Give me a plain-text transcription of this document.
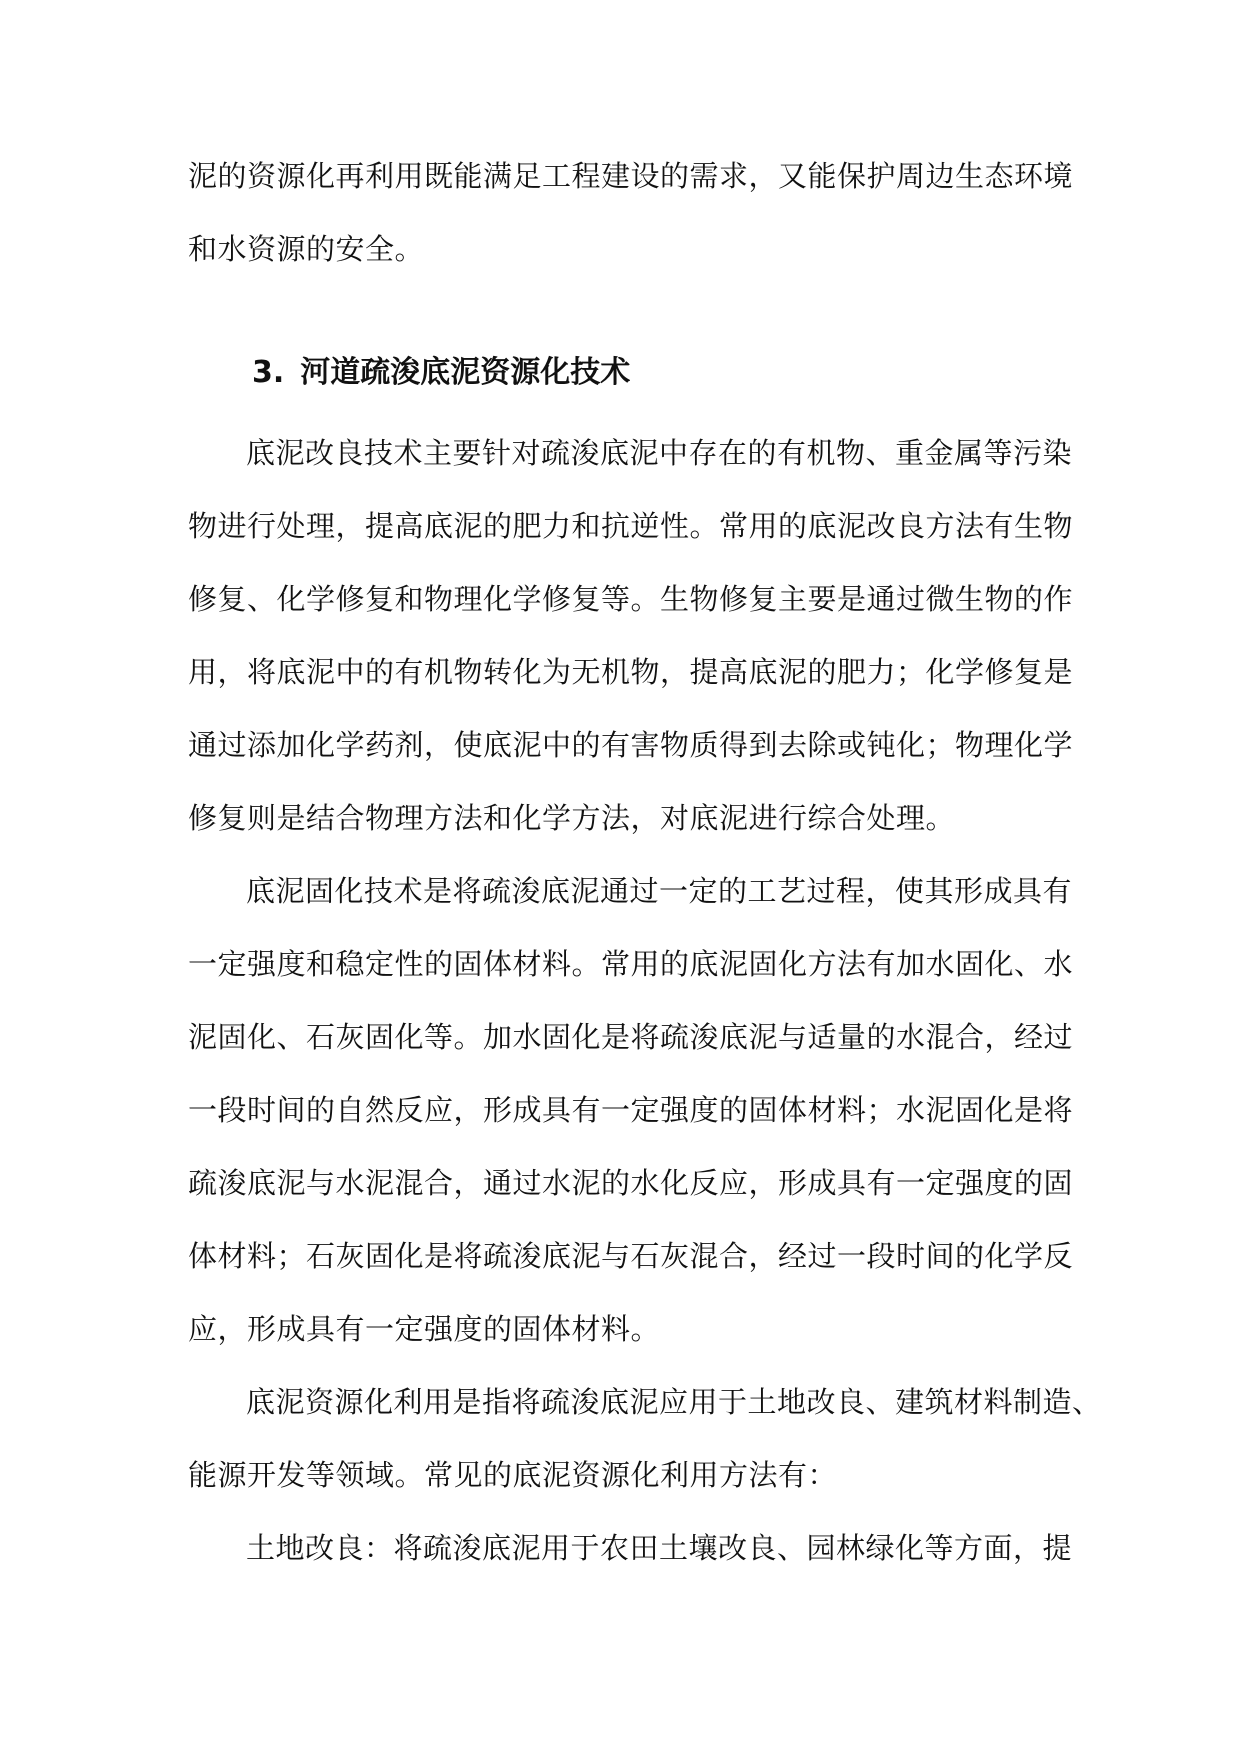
泥的资源化再利用既能满足工程建设的需求，又能保护周边生态环境
和水资源的安全。
3. 河道疏浚底泥资源化技术
底泥改良技术主要针对疏浚底泥中存在的有机物、重金属等污染
物进行处理，提高底泥的肥力和抗逆性。常用的底泥改良方法有生物
修复、化学修复和物理化学修复等。生物修复主要是通过微生物的作
用，将底泥中的有机物转化为无机物，提高底泥的肥力；化学修复是
通过添加化学药剂，使底泥中的有害物质得到去除或钝化；物理化学
修复则是结合物理方法和化学方法，对底泥进行综合处理。
底泥固化技术是将疏浚底泥通过一定的工艺过程，使其形成具有
一定强度和稳定性的固体材料。常用的底泥固化方法有加水固化、水
泥固化、石灰固化等。加水固化是将疏浚底泥与适量的水混合，经过
一段时间的自然反应，形成具有一定强度的固体材料；水泥固化是将
疏浚底泥与水泥混合，通过水泥的水化反应，形成具有一定强度的固
体材料；石灰固化是将疏浚底泥与石灰混合，经过一段时间的化学反
应，形成具有一定强度的固体材料。
底泥资源化利用是指将疏浚底泥应用于土地改良、建筑材料制造、
能源开发等领域。常见的底泥资源化利用方法有：
土地改良：将疏浚底泥用于农田土壤改良、园林绿化等方面，提
